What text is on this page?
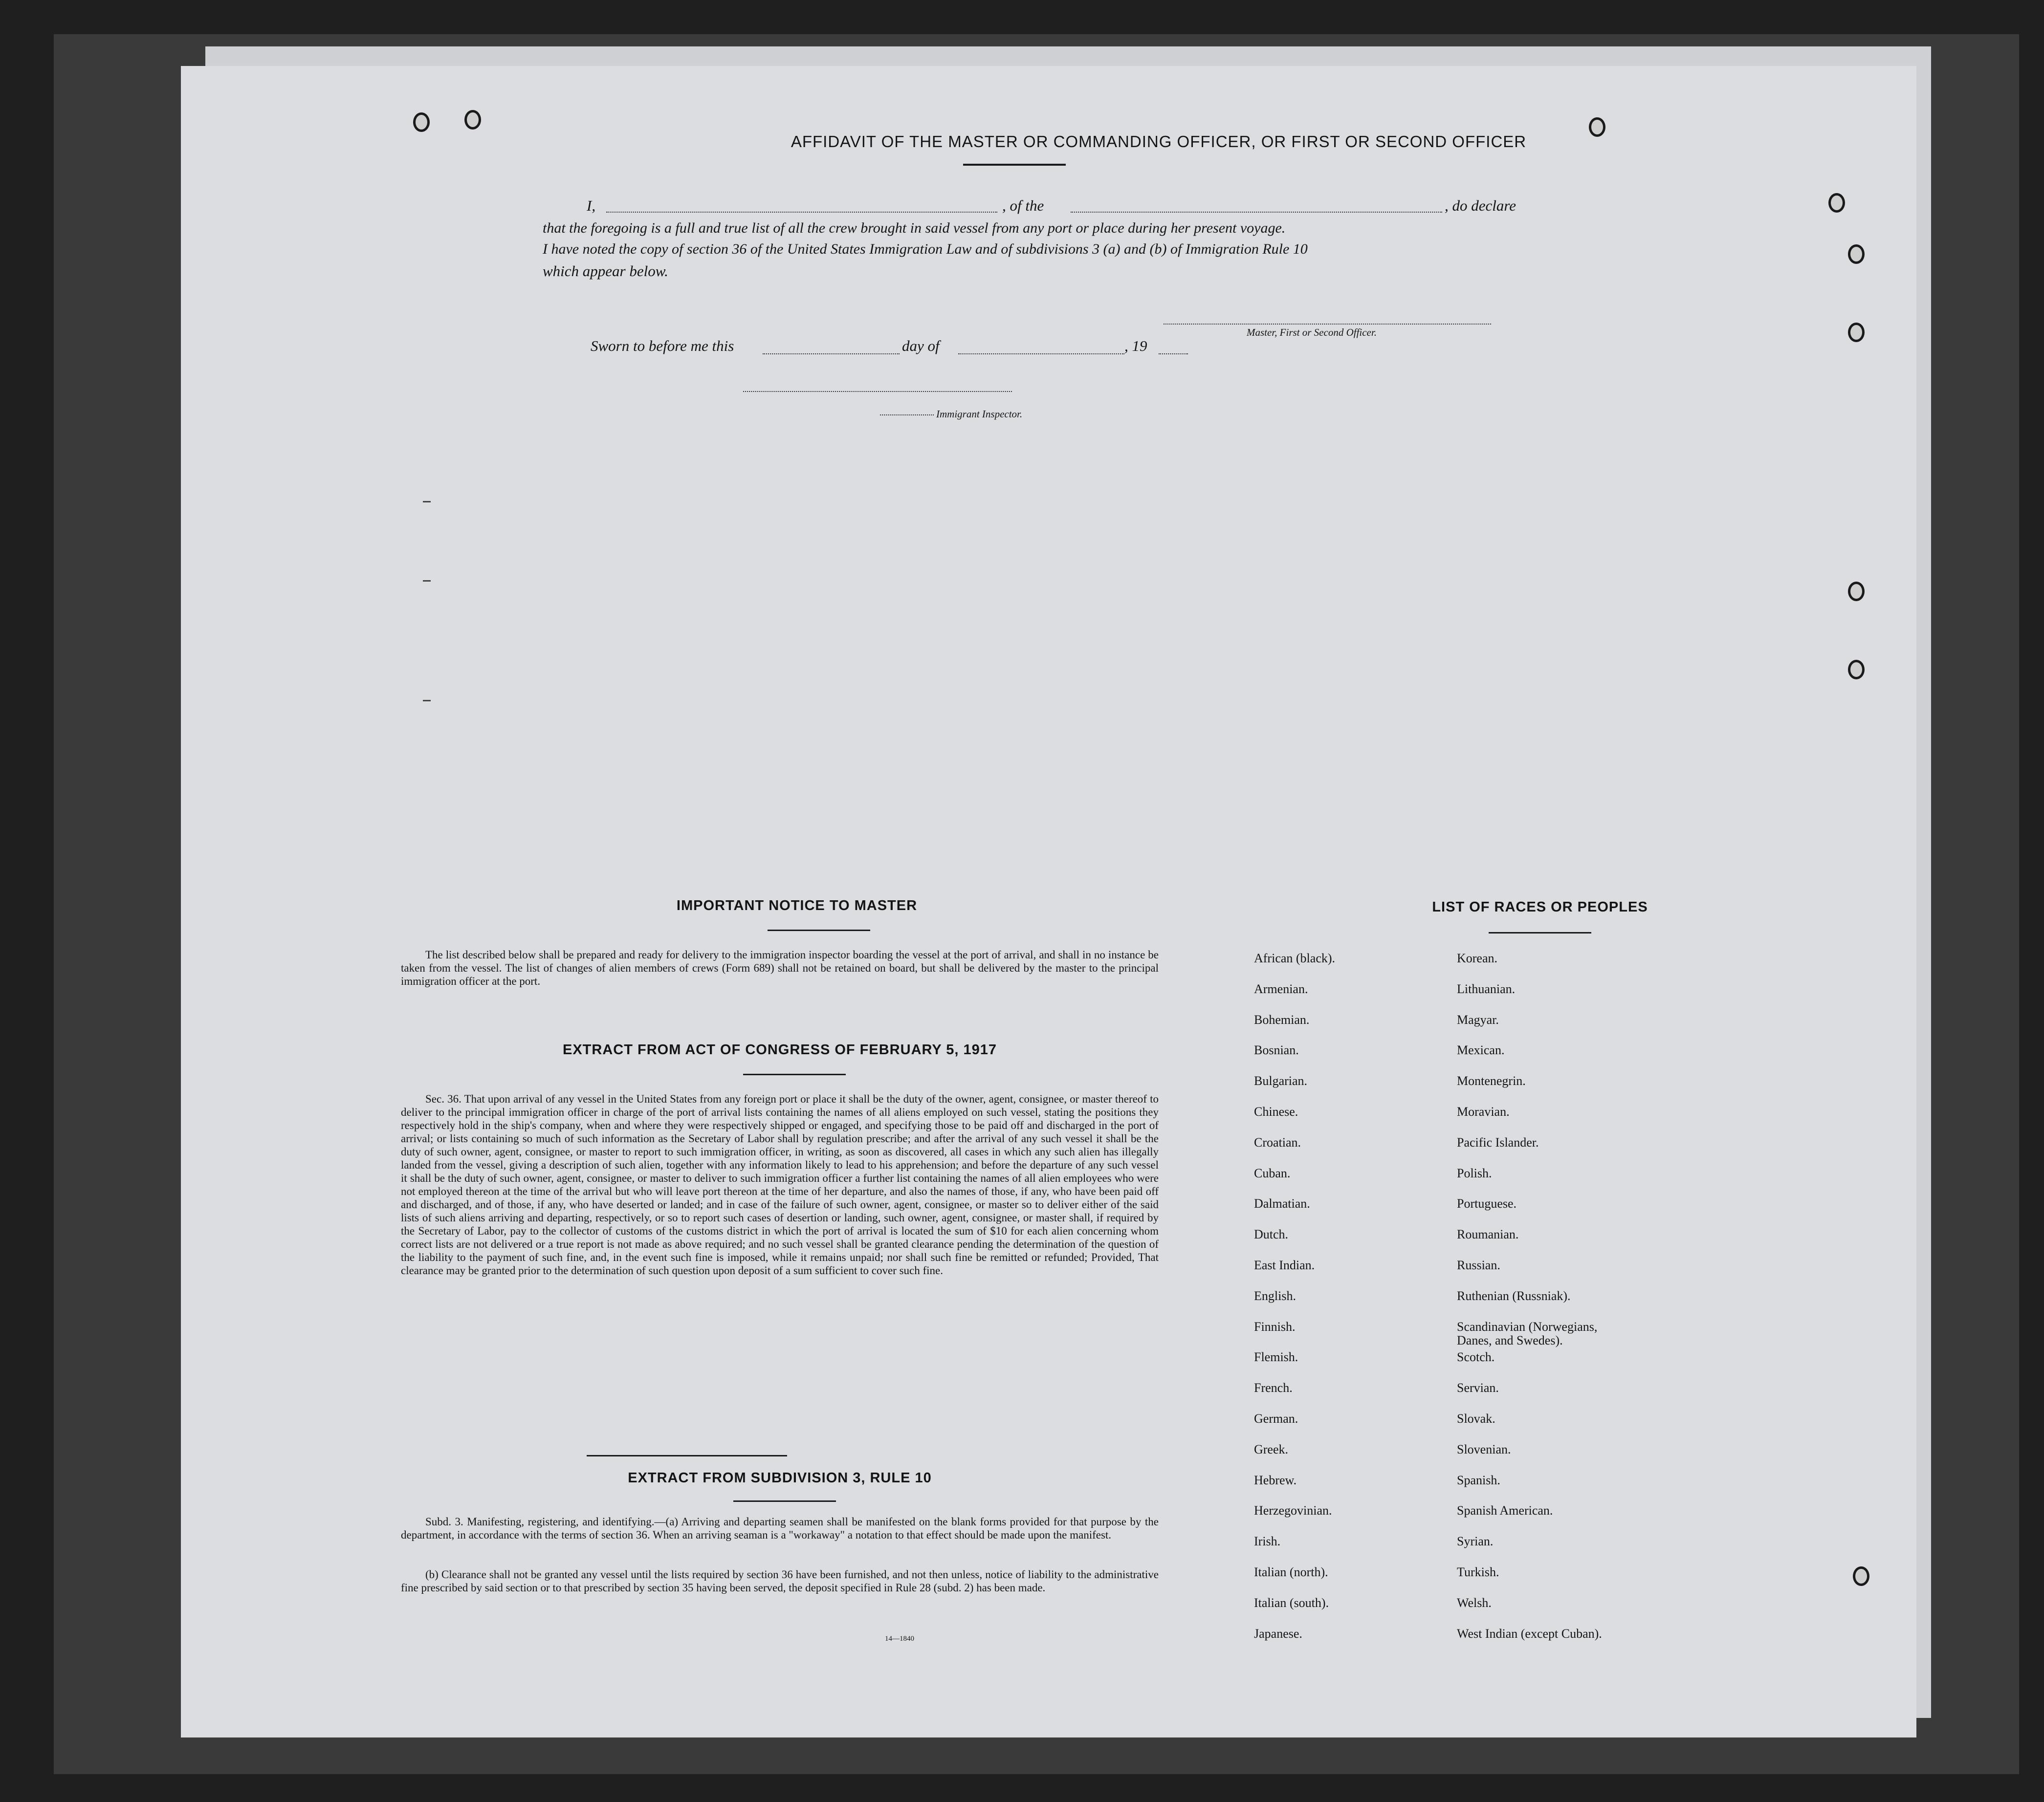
AFFIDAVIT OF THE MASTER OR COMMANDING OFFICER, OR FIRST OR SECOND OFFICER
I,	, of the	, do declare
that the foregoing is a full and true list of all the crew brought in said vessel from any port or place during her present voyage.
I have noted the copy of section 36 of the United States Immigration Law and of subdivisions 3 (a) and (b) of Immigration Rule 10
which appear below.
Master, First or Second Officer.
Sworn to before me this	day of	, 19
Immigrant Inspector.
IMPORTANT NOTICE TO MASTER
The list described below shall be prepared and ready for delivery to the immigration inspector boarding the vessel at the port of arrival, and shall in no instance be taken from the vessel. The list of changes of alien members of crews (Form 689) shall not be retained on board, but shall be delivered by the master to the principal immigration officer at the port.
EXTRACT FROM ACT OF CONGRESS OF FEBRUARY 5, 1917
Sec. 36. That upon arrival of any vessel in the United States from any foreign port or place it shall be the duty of the owner, agent, consignee, or master thereof to deliver to the principal immigration officer in charge of the port of arrival lists containing the names of all aliens employed on such vessel, stating the positions they respectively hold in the ship's company, when and where they were respectively shipped or engaged, and specifying those to be paid off and discharged in the port of arrival; or lists containing so much of such information as the Secretary of Labor shall by regulation prescribe; and after the arrival of any such vessel it shall be the duty of such owner, agent, consignee, or master to report to such immigration officer, in writing, as soon as discovered, all cases in which any such alien has illegally landed from the vessel, giving a description of such alien, together with any information likely to lead to his apprehension; and before the departure of any such vessel it shall be the duty of such owner, agent, consignee, or master to deliver to such immigration officer a further list containing the names of all alien employees who were not employed thereon at the time of the arrival but who will leave port thereon at the time of her departure, and also the names of those, if any, who have been paid off and discharged, and of those, if any, who have deserted or landed; and in case of the failure of such owner, agent, consignee, or master so to deliver either of the said lists of such aliens arriving and departing, respectively, or so to report such cases of desertion or landing, such owner, agent, consignee, or master shall, if required by the Secretary of Labor, pay to the collector of customs of the customs district in which the port of arrival is located the sum of $10 for each alien concerning whom correct lists are not delivered or a true report is not made as above required; and no such vessel shall be granted clearance pending the determination of the question of the liability to the payment of such fine, and, in the event such fine is imposed, while it remains unpaid; nor shall such fine be remitted or refunded; Provided, That clearance may be granted prior to the determination of such question upon deposit of a sum sufficient to cover such fine.
EXTRACT FROM SUBDIVISION 3, RULE 10
Subd. 3. Manifesting, registering, and identifying.—(a) Arriving and departing seamen shall be manifested on the blank forms provided for that purpose by the department, in accordance with the terms of section 36. When an arriving seaman is a "workaway" a notation to that effect should be made upon the manifest.
(b) Clearance shall not be granted any vessel until the lists required by section 36 have been furnished, and not then unless, notice of liability to the administrative fine prescribed by said section or to that prescribed by section 35 having been served, the deposit specified in Rule 28 (subd. 2) has been made.
14—1840
LIST OF RACES OR PEOPLES
African (black).
Armenian.
Bohemian.
Bosnian.
Bulgarian.
Chinese.
Croatian.
Cuban.
Dalmatian.
Dutch.
East Indian.
English.
Finnish.
Flemish.
French.
German.
Greek.
Hebrew.
Herzegovinian.
Irish.
Italian (north).
Italian (south).
Japanese.
Korean.
Lithuanian.
Magyar.
Mexican.
Montenegrin.
Moravian.
Pacific Islander.
Polish.
Portuguese.
Roumanian.
Russian.
Ruthenian (Russniak).
Scandinavian (Norwegians,
Danes, and Swedes).
Scotch.
Servian.
Slovak.
Slovenian.
Spanish.
Spanish American.
Syrian.
Turkish.
Welsh.
West Indian (except Cuban).
